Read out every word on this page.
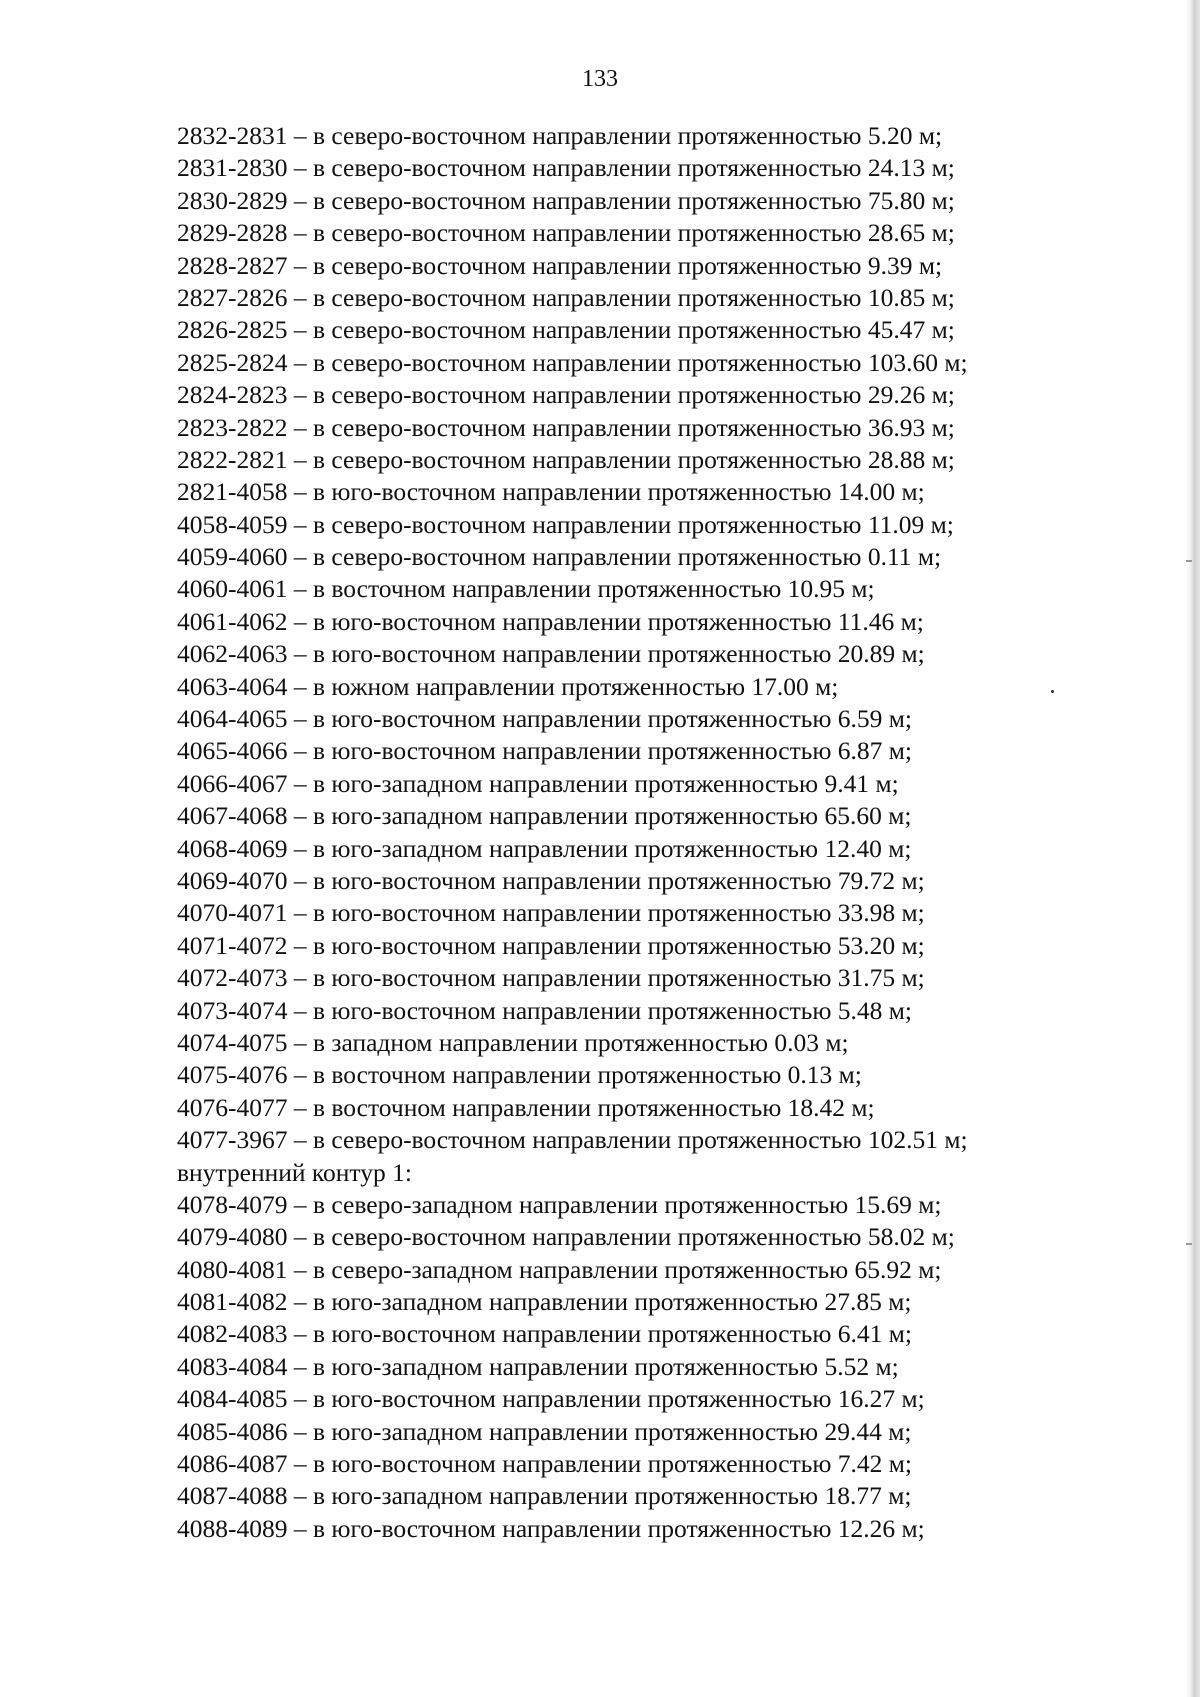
133
2832-2831 – в северо-восточном направлении протяженностью 5.20 м;
2831-2830 – в северо-восточном направлении протяженностью 24.13 м;
2830-2829 – в северо-восточном направлении протяженностью 75.80 м;
2829-2828 – в северо-восточном направлении протяженностью 28.65 м;
2828-2827 – в северо-восточном направлении протяженностью 9.39 м;
2827-2826 – в северо-восточном направлении протяженностью 10.85 м;
2826-2825 – в северо-восточном направлении протяженностью 45.47 м;
2825-2824 – в северо-восточном направлении протяженностью 103.60 м;
2824-2823 – в северо-восточном направлении протяженностью 29.26 м;
2823-2822 – в северо-восточном направлении протяженностью 36.93 м;
2822-2821 – в северо-восточном направлении протяженностью 28.88 м;
2821-4058 – в юго-восточном направлении протяженностью 14.00 м;
4058-4059 – в северо-восточном направлении протяженностью 11.09 м;
4059-4060 – в северо-восточном направлении протяженностью 0.11 м;
4060-4061 – в восточном направлении протяженностью 10.95 м;
4061-4062 – в юго-восточном направлении протяженностью 11.46 м;
4062-4063 – в юго-восточном направлении протяженностью 20.89 м;
4063-4064 – в южном направлении протяженностью 17.00 м;
4064-4065 – в юго-восточном направлении протяженностью 6.59 м;
4065-4066 – в юго-восточном направлении протяженностью 6.87 м;
4066-4067 – в юго-западном направлении протяженностью 9.41 м;
4067-4068 – в юго-западном направлении протяженностью 65.60 м;
4068-4069 – в юго-западном направлении протяженностью 12.40 м;
4069-4070 – в юго-восточном направлении протяженностью 79.72 м;
4070-4071 – в юго-восточном направлении протяженностью 33.98 м;
4071-4072 – в юго-восточном направлении протяженностью 53.20 м;
4072-4073 – в юго-восточном направлении протяженностью 31.75 м;
4073-4074 – в юго-восточном направлении протяженностью 5.48 м;
4074-4075 – в западном направлении протяженностью 0.03 м;
4075-4076 – в восточном направлении протяженностью 0.13 м;
4076-4077 – в восточном направлении протяженностью 18.42 м;
4077-3967 – в северо-восточном направлении протяженностью 102.51 м;
внутренний контур 1:
4078-4079 – в северо-западном направлении протяженностью 15.69 м;
4079-4080 – в северо-восточном направлении протяженностью 58.02 м;
4080-4081 – в северо-западном направлении протяженностью 65.92 м;
4081-4082 – в юго-западном направлении протяженностью 27.85 м;
4082-4083 – в юго-восточном направлении протяженностью 6.41 м;
4083-4084 – в юго-западном направлении протяженностью 5.52 м;
4084-4085 – в юго-восточном направлении протяженностью 16.27 м;
4085-4086 – в юго-западном направлении протяженностью 29.44 м;
4086-4087 – в юго-восточном направлении протяженностью 7.42 м;
4087-4088 – в юго-западном направлении протяженностью 18.77 м;
4088-4089 – в юго-восточном направлении протяженностью 12.26 м;
